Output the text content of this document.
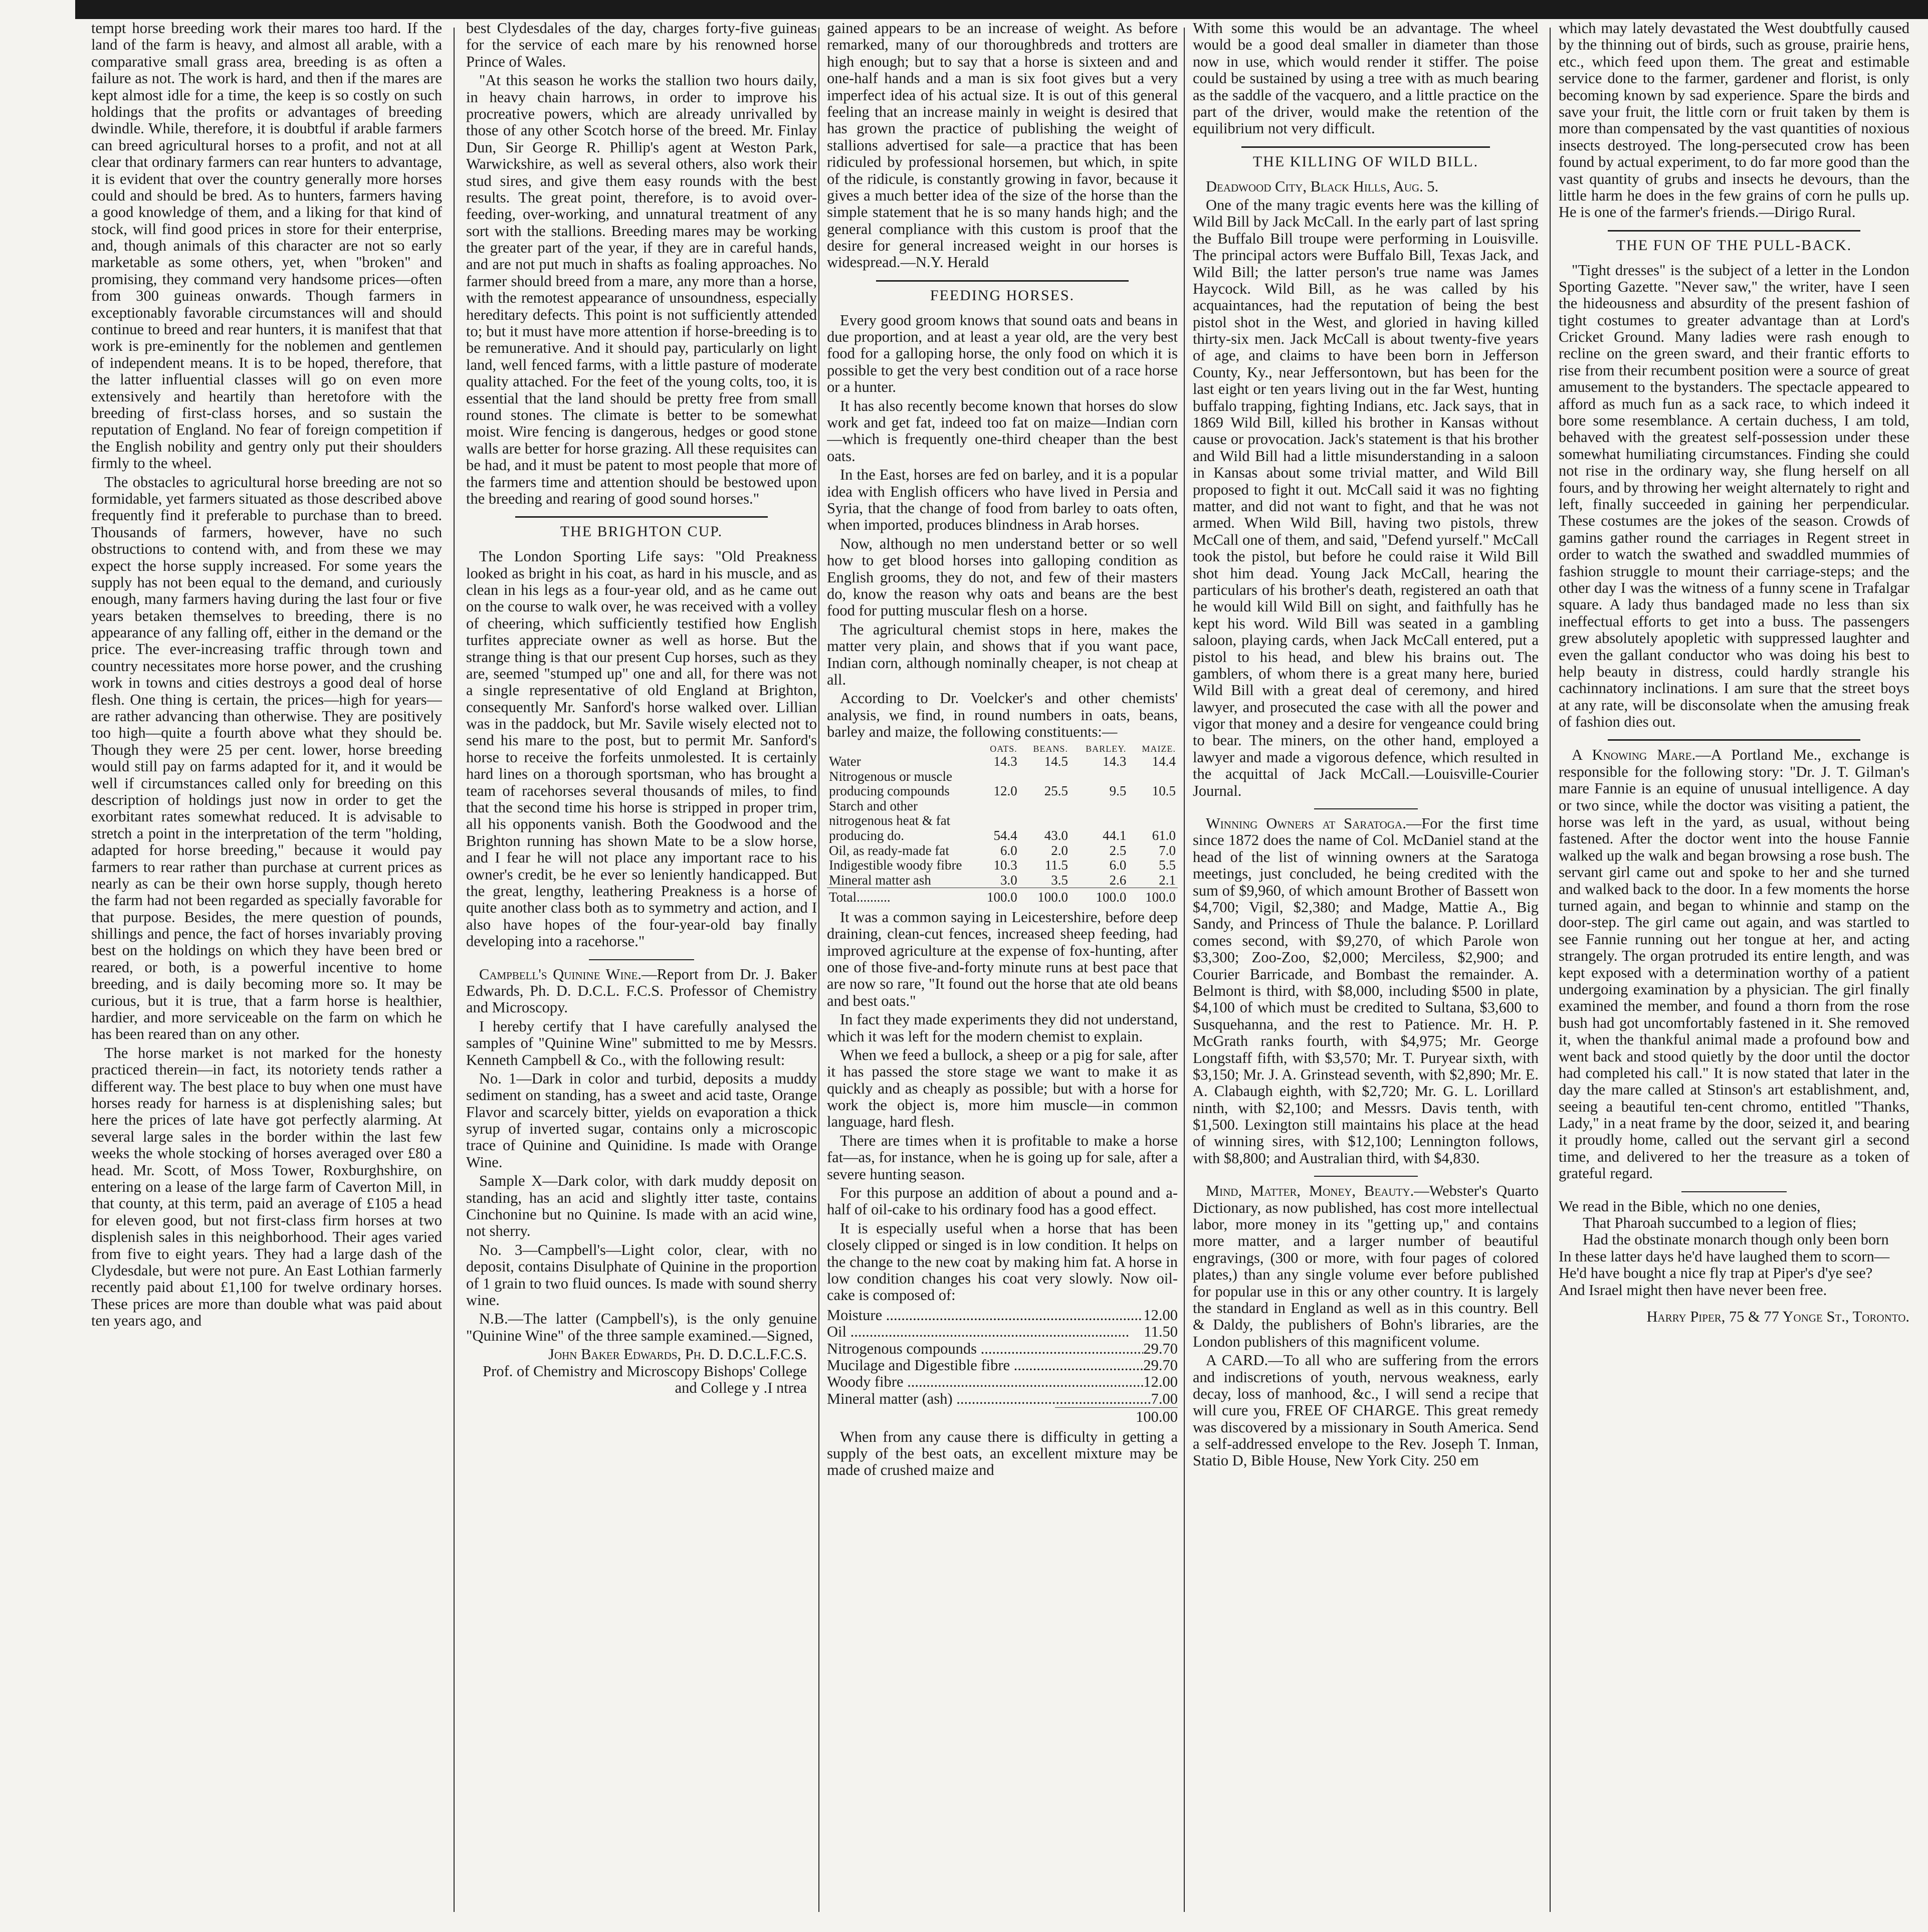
tempt horse breeding work their mares too hard. If the land of the farm is heavy, and almost all arable, with a comparative small grass area, breeding is as often a failure as not. The work is hard, and then if the mares are kept almost idle for a time, the keep is so costly on such holdings that the profits or advantages of breeding dwindle. While, therefore, it is doubtful if arable farmers can breed agricultural horses to a profit, and not at all clear that ordinary farmers can rear hunters to advantage, it is evident that over the country generally more horses could and should be bred. As to hunters, farmers having a good knowledge of them, and a liking for that kind of stock, will find good prices in store for their enterprise, and, though animals of this character are not so early marketable as some others, yet, when "broken" and promising, they command very handsome prices—often from 300 guineas onwards. Though farmers in exceptionably favorable circumstances will and should continue to breed and rear hunters, it is manifest that that work is pre-eminently for the noblemen and gentlemen of independent means. It is to be hoped, therefore, that the latter influential classes will go on even more extensively and heartily than heretofore with the breeding of first-class horses, and so sustain the reputation of England. No fear of foreign competition if the English nobility and gentry only put their shoulders firmly to the wheel.

The obstacles to agricultural horse breeding are not so formidable, yet farmers situated as those described above frequently find it preferable to purchase than to breed. Thousands of farmers, however, have no such obstructions to contend with, and from these we may expect the horse supply increased. For some years the supply has not been equal to the demand, and curiously enough, many farmers having during the last four or five years betaken themselves to breeding, there is no appearance of any falling off, either in the demand or the price. The ever-increasing traffic through town and country necessitates more horse power, and the crushing work in towns and cities destroys a good deal of horse flesh. One thing is certain, the prices—high for years—are rather advancing than otherwise. They are positively too high—quite a fourth above what they should be. Though they were 25 per cent. lower, horse breeding would still pay on farms adapted for it, and it would be well if circumstances called only for breeding on this description of holdings just now in order to get the exorbitant rates somewhat reduced. It is advisable to stretch a point in the interpretation of the term "holding, adapted for horse breeding," because it would pay farmers to rear rather than purchase at current prices as nearly as can be their own horse supply, though hereto the farm had not been regarded as specially favorable for that purpose. Besides, the mere question of pounds, shillings and pence, the fact of horses invariably proving best on the holdings on which they have been bred or reared, or both, is a powerful incentive to home breeding, and is daily becoming more so. It may be curious, but it is true, that a farm horse is healthier, hardier, and more serviceable on the farm on which he has been reared than on any other.

The horse market is not marked for the honesty practiced therein—in fact, its notoriety tends rather a different way. The best place to buy when one must have horses ready for harness is at displenishing sales; but here the prices of late have got perfectly alarming. At several large sales in the border within the last few weeks the whole stocking of horses averaged over £80 a head. Mr. Scott, of Moss Tower, Roxburghshire, on entering on a lease of the large farm of Caverton Mill, in that county, at this term, paid an average of £105 a head for eleven good, but not first-class firm horses at two displenish sales in this neighborhood. Their ages varied from five to eight years. They had a large dash of the Clydesdale, but were not pure. An East Lothian farmerly recently paid about £1,100 for twelve ordinary horses. These prices are more than double what was paid about ten years ago, and

best Clydesdales of the day, charges forty-five guineas for the service of each mare by his renowned horse Prince of Wales.

"At this season he works the stallion two hours daily, in heavy chain harrows, in order to improve his procreative powers, which are already unrivalled by those of any other Scotch horse of the breed. Mr. Finlay Dun, Sir George R. Phillip's agent at Weston Park, Warwickshire, as well as several others, also work their stud sires, and give them easy rounds with the best results. The great point, therefore, is to avoid over-feeding, over-working, and unnatural treatment of any sort with the stallions. Breeding mares may be working the greater part of the year, if they are in careful hands, and are not put much in shafts as foaling approaches. No farmer should breed from a mare, any more than a horse, with the remotest appearance of unsoundness, especially hereditary defects. This point is not sufficiently attended to; but it must have more attention if horse-breeding is to be remunerative. And it should pay, particularly on light land, well fenced farms, with a little pasture of moderate quality attached. For the feet of the young colts, too, it is essential that the land should be pretty free from small round stones. The climate is better to be somewhat moist. Wire fencing is dangerous, hedges or good stone walls are better for horse grazing. All these requisites can be had, and it must be patent to most people that more of the farmers time and attention should be bestowed upon the breeding and rearing of good sound horses."

THE BRIGHTON CUP.

The London Sporting Life says: "Old Preakness looked as bright in his coat, as hard in his muscle, and as clean in his legs as a four-year old, and as he came out on the course to walk over, he was received with a volley of cheering, which sufficiently testified how English turfites appreciate owner as well as horse. But the strange thing is that our present Cup horses, such as they are, seemed "stumped up" one and all, for there was not a single representative of old England at Brighton, consequently Mr. Sanford's horse walked over. Lillian was in the paddock, but Mr. Savile wisely elected not to send his mare to the post, but to permit Mr. Sanford's horse to receive the forfeits unmolested. It is certainly hard lines on a thorough sportsman, who has brought a team of racehorses several thousands of miles, to find that the second time his horse is stripped in proper trim, all his opponents vanish. Both the Goodwood and the Brighton running has shown Mate to be a slow horse, and I fear he will not place any important race to his owner's credit, be he ever so leniently handicapped. But the great, lengthy, leathering Preakness is a horse of quite another class both as to symmetry and action, and I also have hopes of the four-year-old bay finally developing into a racehorse."

Campbell's Quinine Wine.—Report from Dr. J. Baker Edwards, Ph. D. D.C.L. F.C.S. Professor of Chemistry and Microscopy.

I hereby certify that I have carefully analysed the samples of "Quinine Wine" submitted to me by Messrs. Kenneth Campbell & Co., with the following result:

No. 1—Dark in color and turbid, deposits a muddy sediment on standing, has a sweet and acid taste, Orange Flavor and scarcely bitter, yields on evaporation a thick syrup of inverted sugar, contains only a microscopic trace of Quinine and Quinidine. Is made with Orange Wine.

Sample X—Dark color, with dark muddy deposit on standing, has an acid and slightly itter taste, contains Cinchonine but no Quinine. Is made with an acid wine, not sherry.

No. 3—Campbell's—Light color, clear, with no deposit, contains Disulphate of Quinine in the proportion of 1 grain to two fluid ounces. Is made with sound sherry wine.

N.B.—The latter (Campbell's), is the only genuine "Quinine Wine" of the three sample examined.—Signed,

John Baker Edwards, Ph. D. D.C.L.F.C.S.
Prof. of Chemistry and Microscopy Bishops' College and College y .I ntrea

gained appears to be an increase of weight. As before remarked, many of our thoroughbreds and trotters are high enough; but to say that a horse is sixteen and and one-half hands and a man is six foot gives but a very imperfect idea of his actual size. It is out of this general feeling that an increase mainly in weight is desired that has grown the practice of publishing the weight of stallions advertised for sale—a practice that has been ridiculed by professional horsemen, but which, in spite of the ridicule, is constantly growing in favor, because it gives a much better idea of the size of the horse than the simple statement that he is so many hands high; and the general compliance with this custom is proof that the desire for general increased weight in our horses is widespread.—N.Y. Herald

FEEDING HORSES.

Every good groom knows that sound oats and beans in due proportion, and at least a year old, are the very best food for a galloping horse, the only food on which it is possible to get the very best condition out of a race horse or a hunter.

It has also recently become known that horses do slow work and get fat, indeed too fat on maize—Indian corn—which is frequently one-third cheaper than the best oats.

In the East, horses are fed on barley, and it is a popular idea with English officers who have lived in Persia and Syria, that the change of food from barley to oats often, when imported, produces blindness in Arab horses.

Now, although no men understand better or so well how to get blood horses into galloping condition as English grooms, they do not, and few of their masters do, know the reason why oats and beans are the best food for putting muscular flesh on a horse.

The agricultural chemist stops in here, makes the matter very plain, and shows that if you want pace, Indian corn, although nominally cheaper, is not cheap at all.

According to Dr. Voelcker's and other chemists' analysis, we find, in round numbers in oats, beans, barley and maize, the following constituents:—

	OATS.	BEANS.	BARLEY.	MAIZE.
Water	14.3	14.5	14.3	14.4
Nitrogenous or muscle producing compounds	12.0	25.5	9.5	10.5
Starch and other nitrogenous heat & fat producing do.	54.4	43.0	44.1	61.0
Oil, as ready-made fat	6.0	2.0	2.5	7.0
Indigestible woody fibre	10.3	11.5	6.0	5.5
Mineral matter ash	3.0	3.5	2.6	2.1
Total..........	100.0	100.0	100.0	100.0

It was a common saying in Leicestershire, before deep draining, clean-cut fences, increased sheep feeding, had improved agriculture at the expense of fox-hunting, after one of those five-and-forty minute runs at best pace that are now so rare, "It found out the horse that ate old beans and best oats."

In fact they made experiments they did not understand, which it was left for the modern chemist to explain.

When we feed a bullock, a sheep or a pig for sale, after it has passed the store stage we want to make it as quickly and as cheaply as possible; but with a horse for work the object is, more him muscle—in common language, hard flesh.

There are times when it is profitable to make a horse fat—as, for instance, when he is going up for sale, after a severe hunting season.

For this purpose an addition of about a pound and a-half of oil-cake to his ordinary food has a good effect.

It is especially useful when a horse that has been closely clipped or singed is in low condition. It helps on the change to the new coat by making him fat. A horse in low condition changes his coat very slowly. Now oil-cake is composed of:

Moisture .....	12.00
Oil .....	11.50
Nitrogenous compounds .....	29.70
Mucilage and Digestible fibre .....	29.70
Woody fibre .....	12.00
Mineral matter (ash) .....	7.00
100.00

When from any cause there is difficulty in getting a supply of the best oats, an excellent mixture may be made of crushed maize and

With some this would be an advantage. The wheel would be a good deal smaller in diameter than those now in use, which would render it stiffer. The poise could be sustained by using a tree with as much bearing as the saddle of the vacquero, and a little practice on the part of the driver, would make the retention of the equilibrium not very difficult.

THE KILLING OF WILD BILL.

Deadwood City, Black Hills, Aug. 5.

One of the many tragic events here was the killing of Wild Bill by Jack McCall. In the early part of last spring the Buffalo Bill troupe were performing in Louisville. The principal actors were Buffalo Bill, Texas Jack, and Wild Bill; the latter person's true name was James Haycock. Wild Bill, as he was called by his acquaintances, had the reputation of being the best pistol shot in the West, and gloried in having killed thirty-six men. Jack McCall is about twenty-five years of age, and claims to have been born in Jefferson County, Ky., near Jeffersontown, but has been for the last eight or ten years living out in the far West, hunting buffalo trapping, fighting Indians, etc. Jack says, that in 1869 Wild Bill, killed his brother in Kansas without cause or provocation. Jack's statement is that his brother and Wild Bill had a little misunderstanding in a saloon in Kansas about some trivial matter, and Wild Bill proposed to fight it out. McCall said it was no fighting matter, and did not want to fight, and that he was not armed. When Wild Bill, having two pistols, threw McCall one of them, and said, "Defend yurself." McCall took the pistol, but before he could raise it Wild Bill shot him dead. Young Jack McCall, hearing the particulars of his brother's death, registered an oath that he would kill Wild Bill on sight, and faithfully has he kept his word. Wild Bill was seated in a gambling saloon, playing cards, when Jack McCall entered, put a pistol to his head, and blew his brains out. The gamblers, of whom there is a great many here, buried Wild Bill with a great deal of ceremony, and hired lawyer, and prosecuted the case with all the power and vigor that money and a desire for vengeance could bring to bear. The miners, on the other hand, employed a lawyer and made a vigorous defence, which resulted in the acquittal of Jack McCall.—Louisville-Courier Journal.

Winning Owners at Saratoga.—For the first time since 1872 does the name of Col. McDaniel stand at the head of the list of winning owners at the Saratoga meetings, just concluded, he being credited with the sum of $9,960, of which amount Brother of Bassett won $4,700; Vigil, $2,380; and Madge, Mattie A., Big Sandy, and Princess of Thule the balance. P. Lorillard comes second, with $9,270, of which Parole won $3,300; Zoo-Zoo, $2,000; Merciless, $2,900; and Courier Barricade, and Bombast the remainder. A. Belmont is third, with $8,000, including $500 in plate, $4,100 of which must be credited to Sultana, $3,600 to Susquehanna, and the rest to Patience. Mr. H. P. McGrath ranks fourth, with $4,975; Mr. George Longstaff fifth, with $3,570; Mr. T. Puryear sixth, with $3,150; Mr. J. A. Grinstead seventh, with $2,890; Mr. E. A. Clabaugh eighth, with $2,720; Mr. G. L. Lorillard ninth, with $2,100; and Messrs. Davis tenth, with $1,500. Lexington still maintains his place at the head of winning sires, with $12,100; Lennington follows, with $8,800; and Australian third, with $4,830.

Mind, Matter, Money, Beauty.—Webster's Quarto Dictionary, as now published, has cost more intellectual labor, more money in its "getting up," and contains more matter, and a larger number of beautiful engravings, (300 or more, with four pages of colored plates,) than any single volume ever before published for popular use in this or any other country. It is largely the standard in England as well as in this country. Bell & Daldy, the publishers of Bohn's libraries, are the London publishers of this magnificent volume.

A CARD.—To all who are suffering from the errors and indiscretions of youth, nervous weakness, early decay, loss of manhood, &c., I will send a recipe that will cure you, FREE OF CHARGE. This great remedy was discovered by a missionary in South America. Send a self-addressed envelope to the Rev. Joseph T. Inman, Statio D, Bible House, New York City. 250 em

which may lately devastated the West doubtfully caused by the thinning out of birds, such as grouse, prairie hens, etc., which feed upon them. The great and estimable service done to the farmer, gardener and florist, is only becoming known by sad experience. Spare the birds and save your fruit, the little corn or fruit taken by them is more than compensated by the vast quantities of noxious insects destroyed. The long-persecuted crow has been found by actual experiment, to do far more good than the vast quantity of grubs and insects he devours, than the little harm he does in the few grains of corn he pulls up. He is one of the farmer's friends.—Dirigo Rural.

THE FUN OF THE PULL-BACK.

"Tight dresses" is the subject of a letter in the London Sporting Gazette. "Never saw," the writer, have I seen the hideousness and absurdity of the present fashion of tight costumes to greater advantage than at Lord's Cricket Ground. Many ladies were rash enough to recline on the green sward, and their frantic efforts to rise from their recumbent position were a source of great amusement to the bystanders. The spectacle appeared to afford as much fun as a sack race, to which indeed it bore some resemblance. A certain duchess, I am told, behaved with the greatest self-possession under these somewhat humiliating circumstances. Finding she could not rise in the ordinary way, she flung herself on all fours, and by throwing her weight alternately to right and left, finally succeeded in gaining her perpendicular. These costumes are the jokes of the season. Crowds of gamins gather round the carriages in Regent street in order to watch the swathed and swaddled mummies of fashion struggle to mount their carriage-steps; and the other day I was the witness of a funny scene in Trafalgar square. A lady thus bandaged made no less than six ineffectual efforts to get into a buss. The passengers grew absolutely apopletic with suppressed laughter and even the gallant conductor who was doing his best to help beauty in distress, could hardly strangle his cachinnatory inclinations. I am sure that the street boys at any rate, will be disconsolate when the amusing freak of fashion dies out.

A Knowing Mare.—A Portland Me., exchange is responsible for the following story: "Dr. J. T. Gilman's mare Fannie is an equine of unusual intelligence. A day or two since, while the doctor was visiting a patient, the horse was left in the yard, as usual, without being fastened. After the doctor went into the house Fannie walked up the walk and began browsing a rose bush. The servant girl came out and spoke to her and she turned and walked back to the door. In a few moments the horse turned again, and began to whinnie and stamp on the door-step. The girl came out again, and was startled to see Fannie running out her tongue at her, and acting strangely. The organ protruded its entire length, and was kept exposed with a determination worthy of a patient undergoing examination by a physician. The girl finally examined the member, and found a thorn from the rose bush had got uncomfortably fastened in it. She removed it, when the thankful animal made a profound bow and went back and stood quietly by the door until the doctor had completed his call." It is now stated that later in the day the mare called at Stinson's art establishment, and, seeing a beautiful ten-cent chromo, entitled "Thanks, Lady," in a neat frame by the door, seized it, and bearing it proudly home, called out the servant girl a second time, and delivered to her the treasure as a token of grateful regard.

We read in the Bible, which no one denies,
That Pharoah succumbed to a legion of flies;
Had the obstinate monarch though only been born
In these latter days he'd have laughed them to scorn—
He'd have bought a nice fly trap at Piper's d'ye see?
And Israel might then have never been free.
Harry Piper, 75 & 77 Yonge St., Toronto.
